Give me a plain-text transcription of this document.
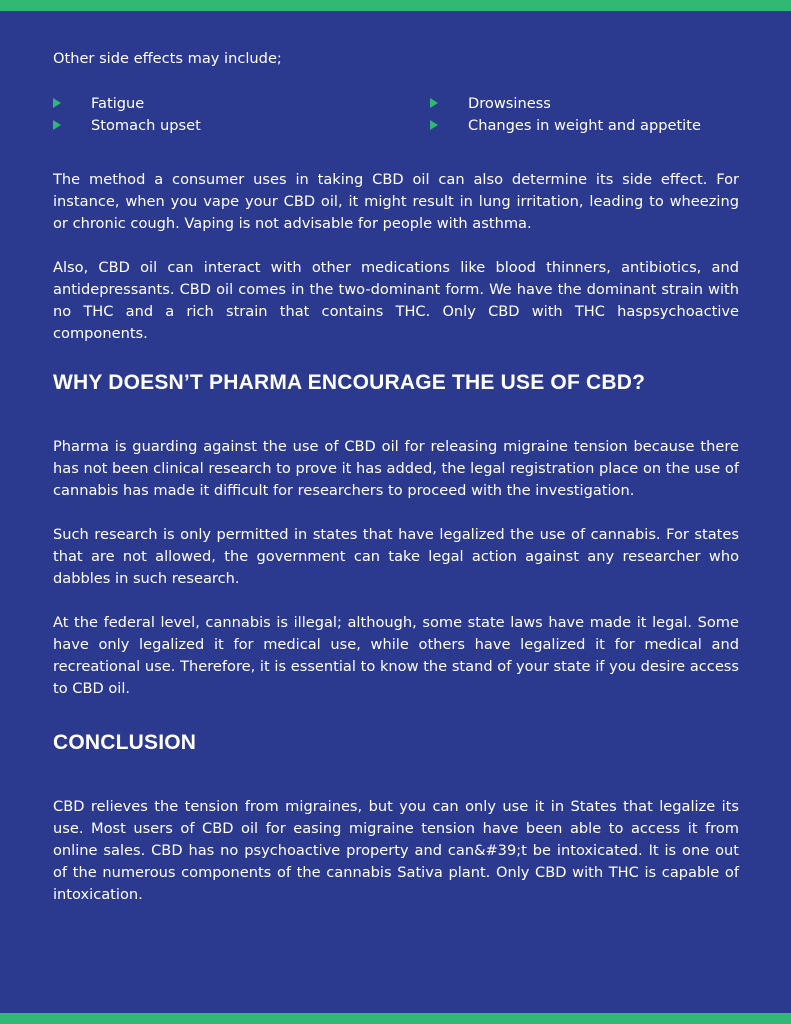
Other side effects may include;

Fatigue	Drowsiness
Stomach upset	Changes in weight and appetite

The method a consumer uses in taking CBD oil can also determine its side effect. For instance, when you vape your CBD oil, it might result in lung irritation, leading to wheezing or chronic cough. Vaping is not advisable for people with asthma.

Also, CBD oil can interact with other medications like blood thinners, antibiotics, and antidepressants. CBD oil comes in the two-dominant form. We have the dominant strain with no THC and a rich strain that contains THC. Only CBD with THC haspsychoactive components.

WHY DOESN’T PHARMA ENCOURAGE THE USE OF CBD?

Pharma is guarding against the use of CBD oil for releasing migraine tension because there has not been clinical research to prove it has added, the legal registration place on the use of cannabis has made it difficult for researchers to proceed with the investigation.

Such research is only permitted in states that have legalized the use of cannabis. For states that are not allowed, the government can take legal action against any researcher who dabbles in such research.

At the federal level, cannabis is illegal; although, some state laws have made it legal. Some have only legalized it for medical use, while others have legalized it for medical and recreational use. Therefore, it is essential to know the stand of your state if you desire access to CBD oil.

CONCLUSION

CBD relieves the tension from migraines, but you can only use it in States that legalize its use. Most users of CBD oil for easing migraine tension have been able to access it from online sales. CBD has no psychoactive property and can&#39;t be intoxicated. It is one out of the numerous components of the cannabis Sativa plant. Only CBD with THC is capable of intoxication.
